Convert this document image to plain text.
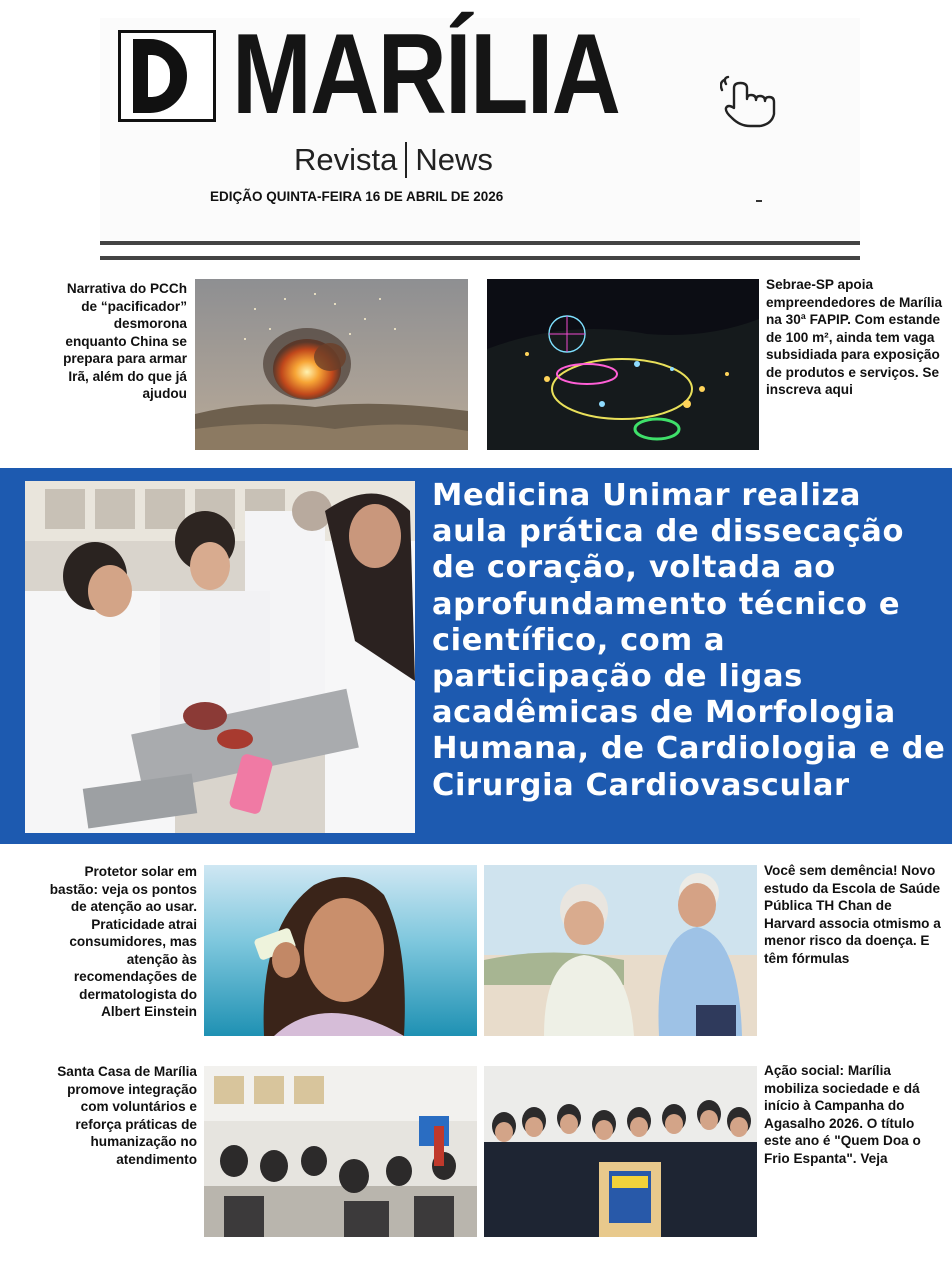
MARÍLIA
Revista News
EDIÇÃO QUINTA-FEIRA 16 DE ABRIL DE 2026
Narrativa do PCCh de “pacificador” desmorona enquanto China se prepara para armar Irã, além do que já ajudou
Sebrae-SP apoia empreendedores de Marília na 30ª FAPIP. Com estande de 100 m², ainda tem vaga subsidiada para exposição de produtos e serviços. Se inscreva aqui
Medicina Unimar realiza aula prática de dissecação de coração, voltada ao aprofundamento técnico e científico, com a participação de ligas acadêmicas de Morfologia Humana, de Cardiologia e de Cirurgia Cardiovascular
Protetor solar em bastão: veja os pontos de atenção ao usar. Praticidade atrai consumidores, mas atenção às recomendações de dermatologista do Albert Einstein
Você sem demência! Novo estudo da Escola de Saúde Pública TH Chan de Harvard associa otmismo a menor risco da doença. E têm fórmulas
Santa Casa de Marília promove integração com voluntários e reforça práticas de humanização no atendimento
Ação social: Marília mobiliza sociedade e dá início à Campanha do Agasalho 2026. O título este ano é "Quem Doa o Frio Espanta". Veja
